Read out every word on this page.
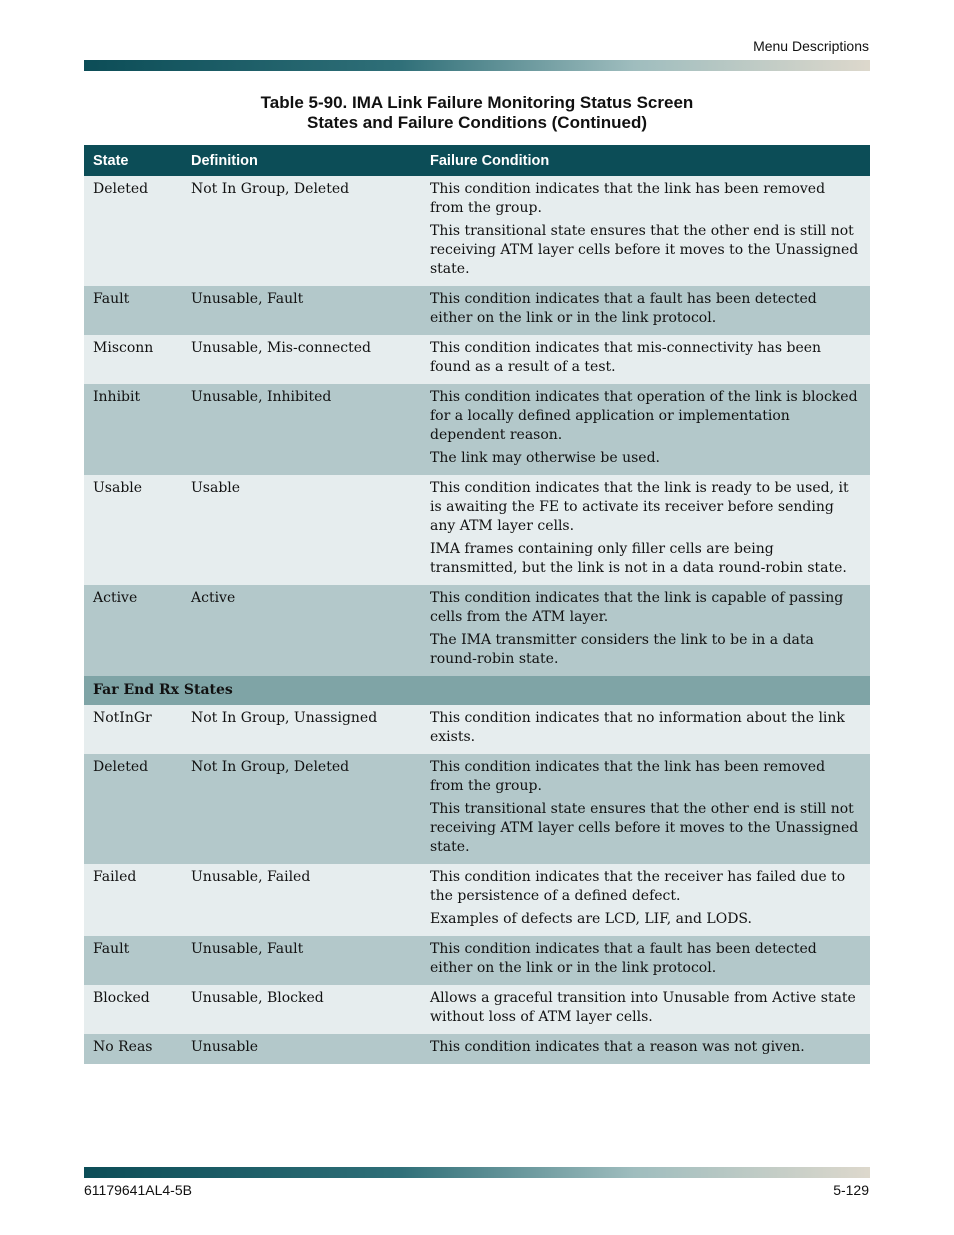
Menu Descriptions
Table 5-90. IMA Link Failure Monitoring Status Screen
States and Failure Conditions (Continued)
State	Definition	Failure Condition
Deleted	Not In Group, Deleted	This condition indicates that the link has been removed from the group.

This transitional state ensures that the other end is still not receiving ATM layer cells before it moves to the Unassigned state.

Fault	Unusable, Fault	This condition indicates that a fault has been detected either on the link or in the link protocol.

Misconn	Unusable, Mis-connected	This condition indicates that mis-connectivity has been found as a result of a test.

Inhibit	Unusable, Inhibited	This condition indicates that operation of the link is blocked for a locally defined application or implementation dependent reason.

The link may otherwise be used.

Usable	Usable	This condition indicates that the link is ready to be used, it is awaiting the FE to activate its receiver before sending any ATM layer cells.

IMA frames containing only filler cells are being transmitted, but the link is not in a data round-robin state.

Active	Active	This condition indicates that the link is capable of passing cells from the ATM layer.

The IMA transmitter considers the link to be in a data round-robin state.

Far End Rx States		
NotInGr	Not In Group, Unassigned	This condition indicates that no information about the link exists.

Deleted	Not In Group, Deleted	This condition indicates that the link has been removed from the group.

This transitional state ensures that the other end is still not receiving ATM layer cells before it moves to the Unassigned state.

Failed	Unusable, Failed	This condition indicates that the receiver has failed due to the persistence of a defined defect.

Examples of defects are LCD, LIF, and LODS.

Fault	Unusable, Fault	This condition indicates that a fault has been detected either on the link or in the link protocol.

Blocked	Unusable, Blocked	Allows a graceful transition into Unusable from Active state without loss of ATM layer cells.

No Reas	Unusable	This condition indicates that a reason was not given.

61179641AL4-5B	5-129
